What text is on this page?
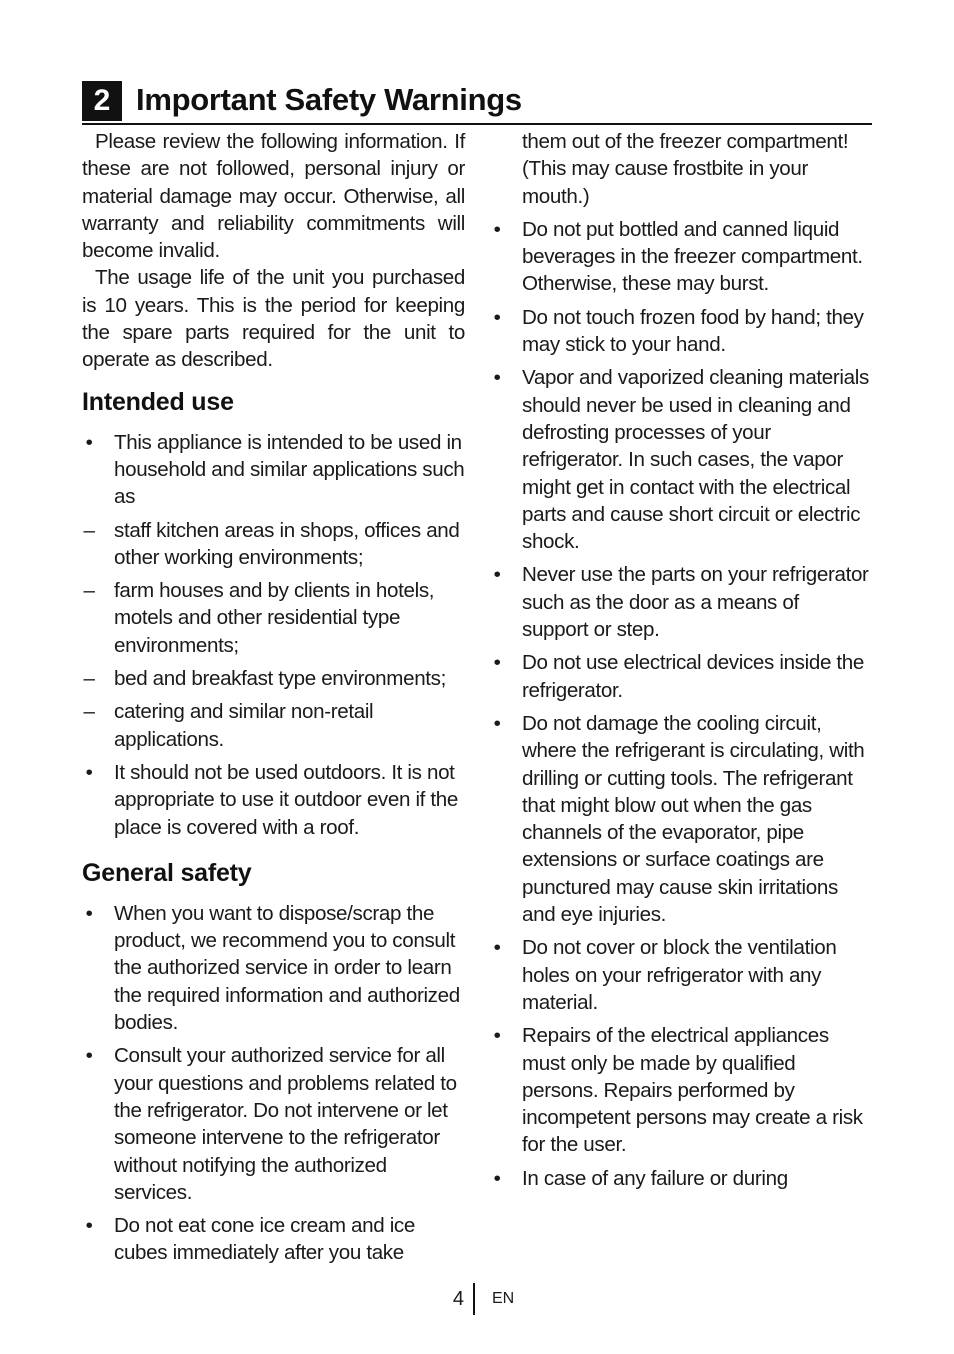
2 Important Safety Warnings

Please review the following information. If these are not followed, personal injury or material damage may occur. Otherwise, all warranty and reliability commitments will become invalid.

The usage life of the unit you purchased is 10 years. This is the period for keeping the spare parts required for the unit to operate as described.

Intended use
• This appliance is intended to be used in household and similar applications such as
– staff kitchen areas in shops, offices and other working environments;
– farm houses and by clients in hotels, motels and other residential type environments;
– bed and breakfast type environments;
– catering and similar non-retail applications.
• It should not be used outdoors. It is not appropriate to use it outdoor even if the place is covered with a roof.
General safety
• When you want to dispose/scrap the product, we recommend you to consult the authorized service in order to learn the required information and authorized bodies.
• Consult your authorized service for all your questions and problems related to the refrigerator. Do not intervene or let someone intervene to the refrigerator without notifying the authorized services.
• Do not eat cone ice cream and ice cubes immediately after you take
them out of the freezer compartment! (This may cause frostbite in your mouth.)
• Do not put bottled and canned liquid beverages in the freezer compartment. Otherwise, these may burst.
• Do not touch frozen food by hand; they may stick to your hand.
• Vapor and vaporized cleaning materials should never be used in cleaning and defrosting processes of your refrigerator. In such cases, the vapor might get in contact with the electrical parts and cause short circuit or electric shock.
• Never use the parts on your refrigerator such as the door as a means of support or step.
• Do not use electrical devices inside the refrigerator.
• Do not damage the cooling circuit, where the refrigerant is circulating, with drilling or cutting tools. The refrigerant that might blow out when the gas channels of the evaporator, pipe extensions or surface coatings are punctured may cause skin irritations and eye injuries.
• Do not cover or block the ventilation holes on your refrigerator with any material.
• Repairs of the electrical appliances must only be made by qualified persons. Repairs performed by incompetent persons may create a risk for the user.
• In case of any failure or during
4 EN
